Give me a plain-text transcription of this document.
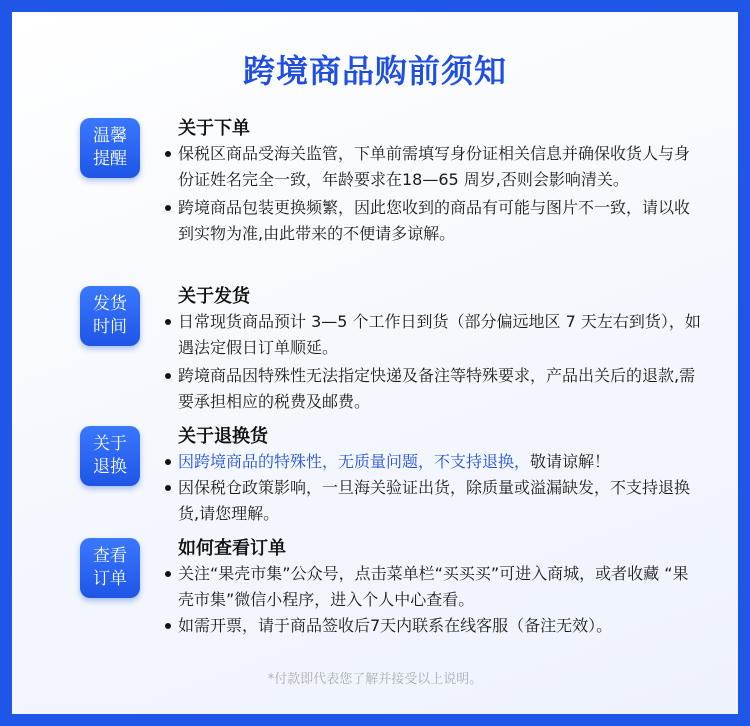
跨境商品购前须知
温馨
提醒
关于下单
保税区商品受海关监管，下单前需填写身份证相关信息并确保收货人与身份证姓名完全一致，年龄要求在18—65 周岁,否则会影响清关。
跨境商品包装更换频繁，因此您收到的商品有可能与图片不一致，请以收到实物为准,由此带来的不便请多谅解。
发货
时间
关于发货
日常现货商品预计 3—5 个工作日到货（部分偏远地区 7 天左右到货），如遇法定假日订单顺延。
跨境商品因特殊性无法指定快递及备注等特殊要求，产品出关后的退款,需要承担相应的税费及邮费。
关于
退换
关于退换货
因跨境商品的特殊性，无质量问题，不支持退换，敬请谅解！
因保税仓政策影响，一旦海关验证出货，除质量或溢漏缺发，不支持退换货,请您理解。
查看
订单
如何查看订单
关注“果壳市集”公众号，点击菜单栏“买买买”可进入商城，或者收藏 “果壳市集”微信小程序，进入个人中心查看。
如需开票，请于商品签收后7天内联系在线客服（备注无效）。
*付款即代表您了解并接受以上说明。
